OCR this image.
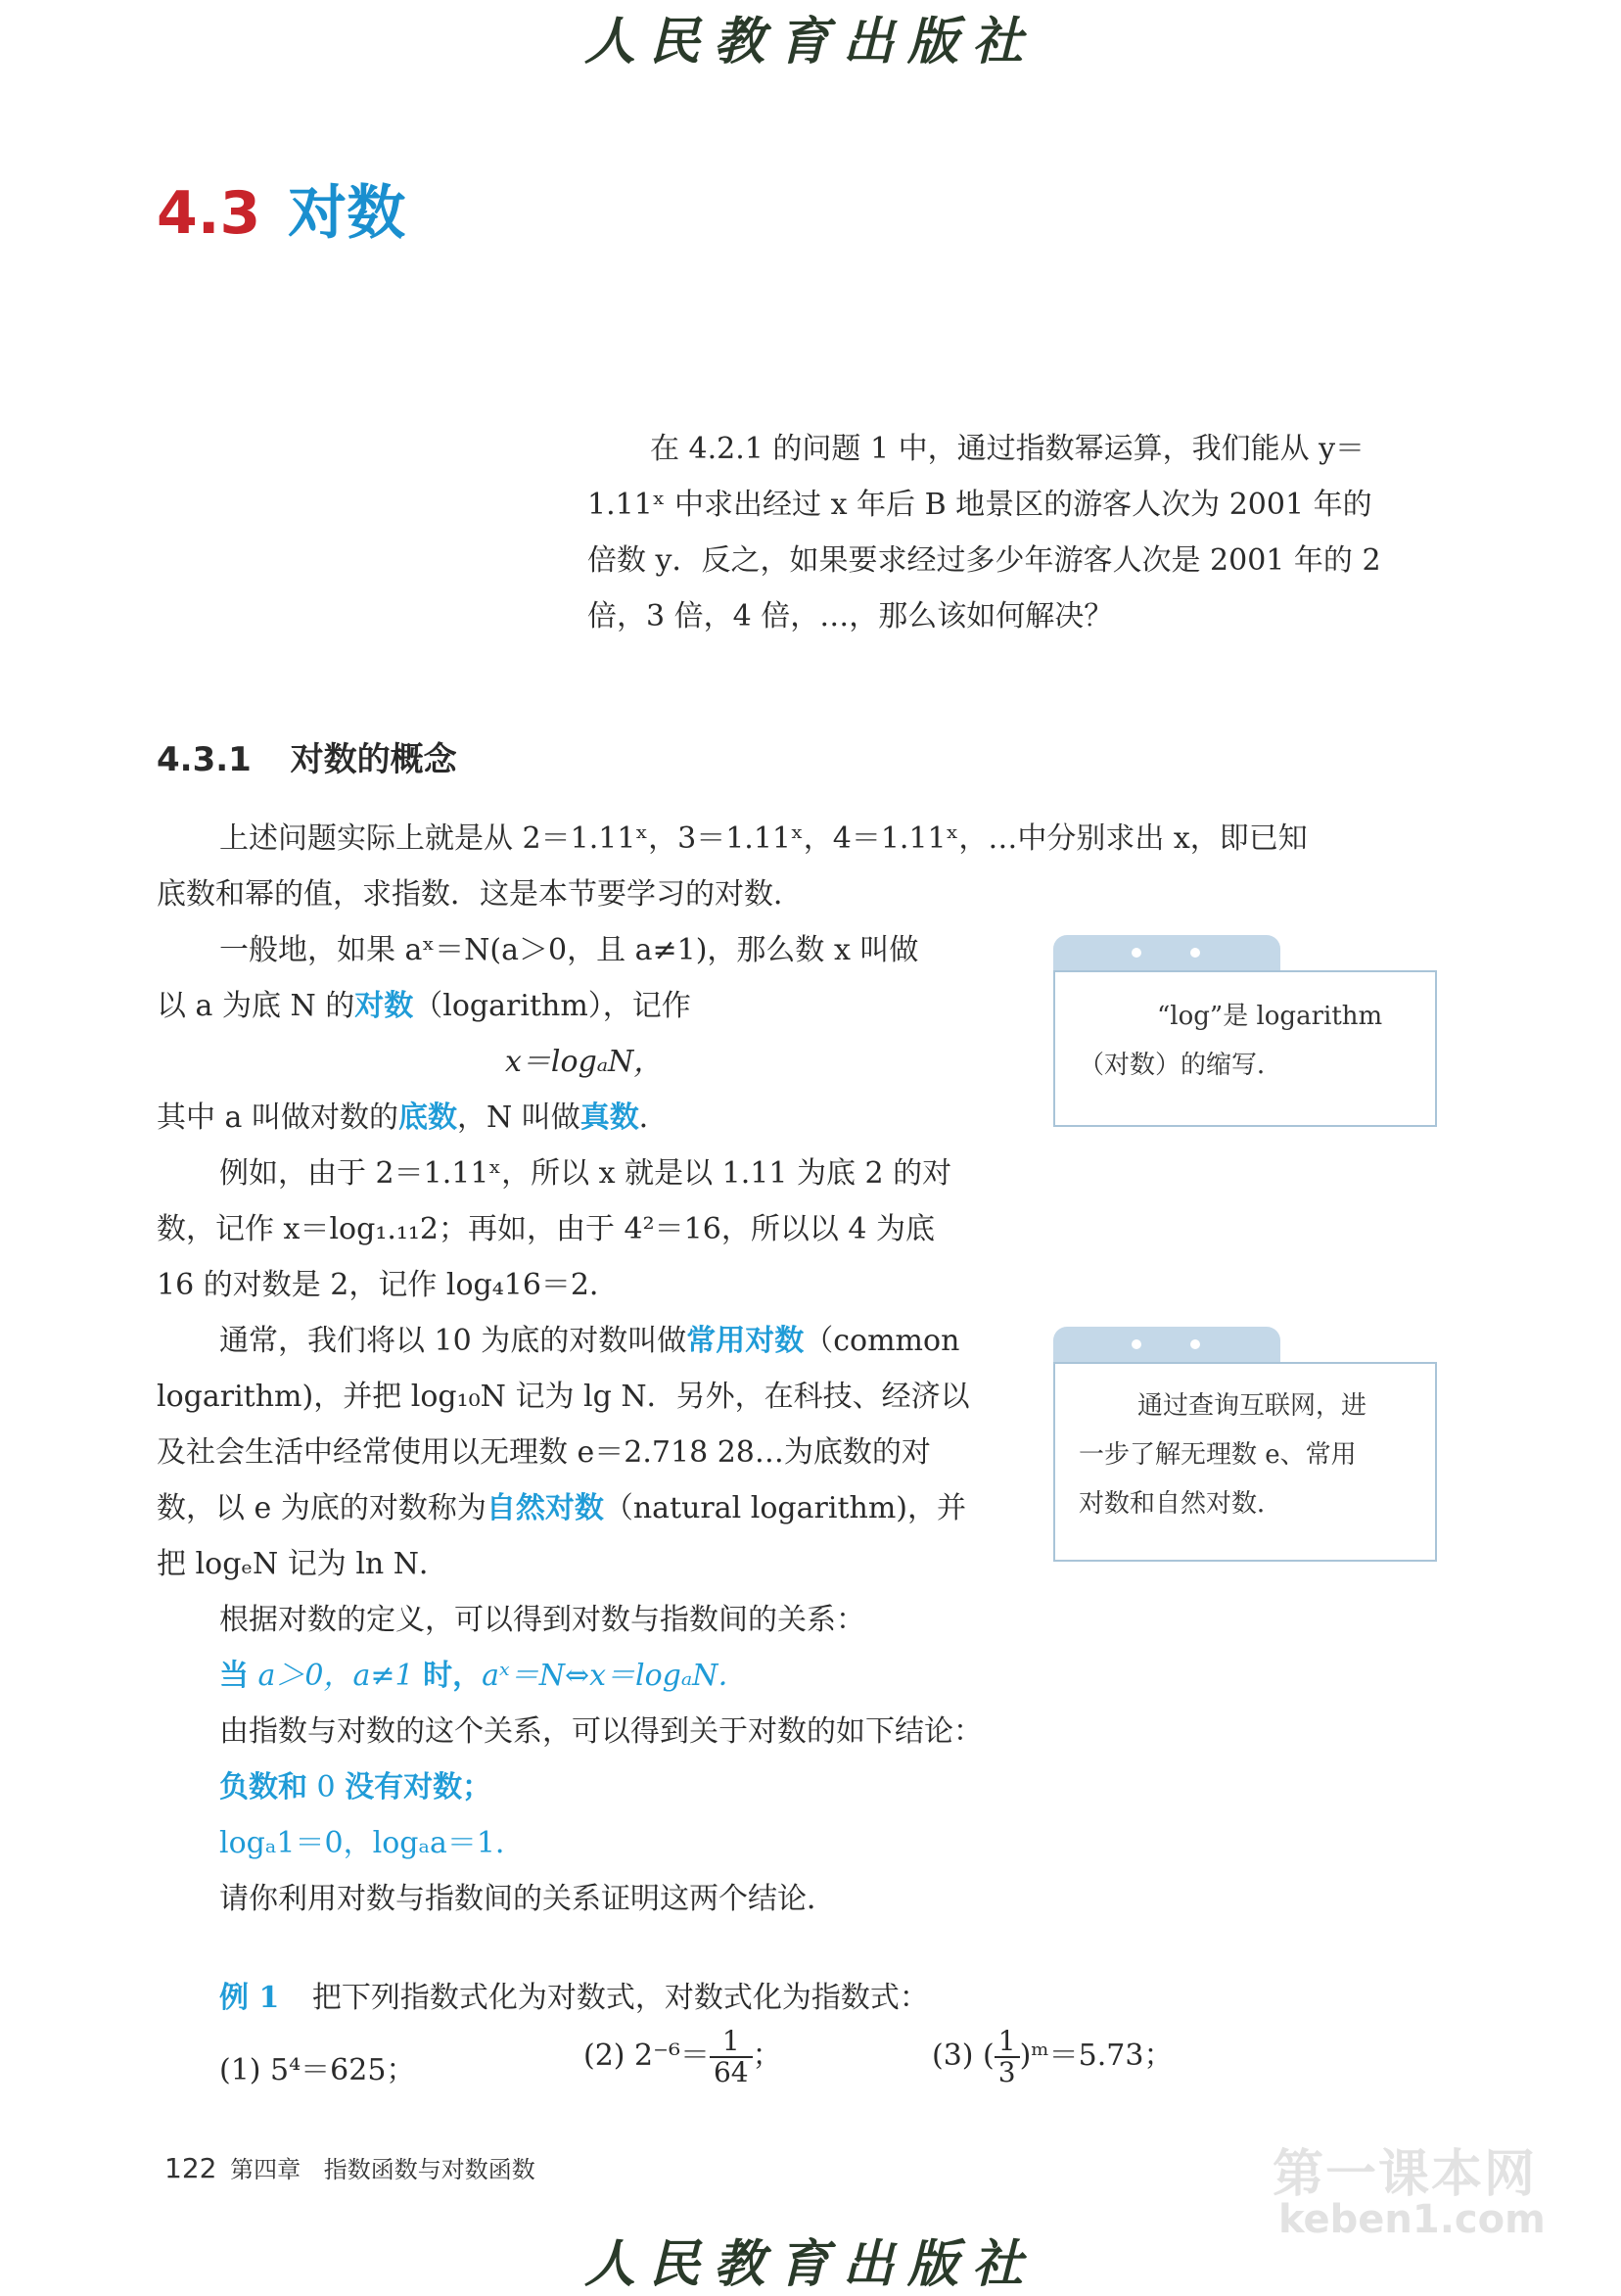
人民教育出版社
4.3 对数
在 4.2.1 的问题 1 中，通过指数幂运算，我们能从 y＝
1.11ˣ 中求出经过 x 年后 B 地景区的游客人次为 2001 年的
倍数 y．反之，如果要求经过多少年游客人次是 2001 年的 2
倍，3 倍，4 倍，…，那么该如何解决？
4.3.1 对数的概念
上述问题实际上就是从 2＝1.11ˣ，3＝1.11ˣ，4＝1.11ˣ，…中分别求出 x，即已知
底数和幂的值，求指数．这是本节要学习的对数．
一般地，如果 aˣ＝N(a＞0，且 a≠1)，那么数 x 叫做
以 a 为底 N 的对数（logarithm），记作
x＝logₐN，
其中 a 叫做对数的底数，N 叫做真数．
例如，由于 2＝1.11ˣ，所以 x 就是以 1.11 为底 2 的对
数，记作 x＝log₁.₁₁2；再如，由于 4²＝16，所以以 4 为底
16 的对数是 2，记作 log₄16＝2．
通常，我们将以 10 为底的对数叫做常用对数（common
logarithm)，并把 log₁₀N 记为 lg N．另外，在科技、经济以
及社会生活中经常使用以无理数 e＝2.718 28…为底数的对
数，以 e 为底的对数称为自然对数（natural logarithm)，并
把 logₑN 记为 ln N．
根据对数的定义，可以得到对数与指数间的关系：
当 a＞0，a≠1 时，aˣ＝N⇔x＝logₐN．
由指数与对数的这个关系，可以得到关于对数的如下结论：
负数和 0 没有对数；
logₐ1＝0，logₐa＝1．
请你利用对数与指数间的关系证明这两个结论．
“log”是 logarithm
（对数）的缩写．
通过查询互联网，进
一步了解无理数 e、常用
对数和自然对数．
例 1 把下列指数式化为对数式，对数式化为指数式：
(1) 5⁴＝625；	(2) $2^{-6}= \frac{1}{64}$ ；	(3) ( $\frac{1}{3}$ )ᵐ＝5.73；
122 第四章 指数函数与对数函数	第一课本网
keben1.com
人民教育出版社
